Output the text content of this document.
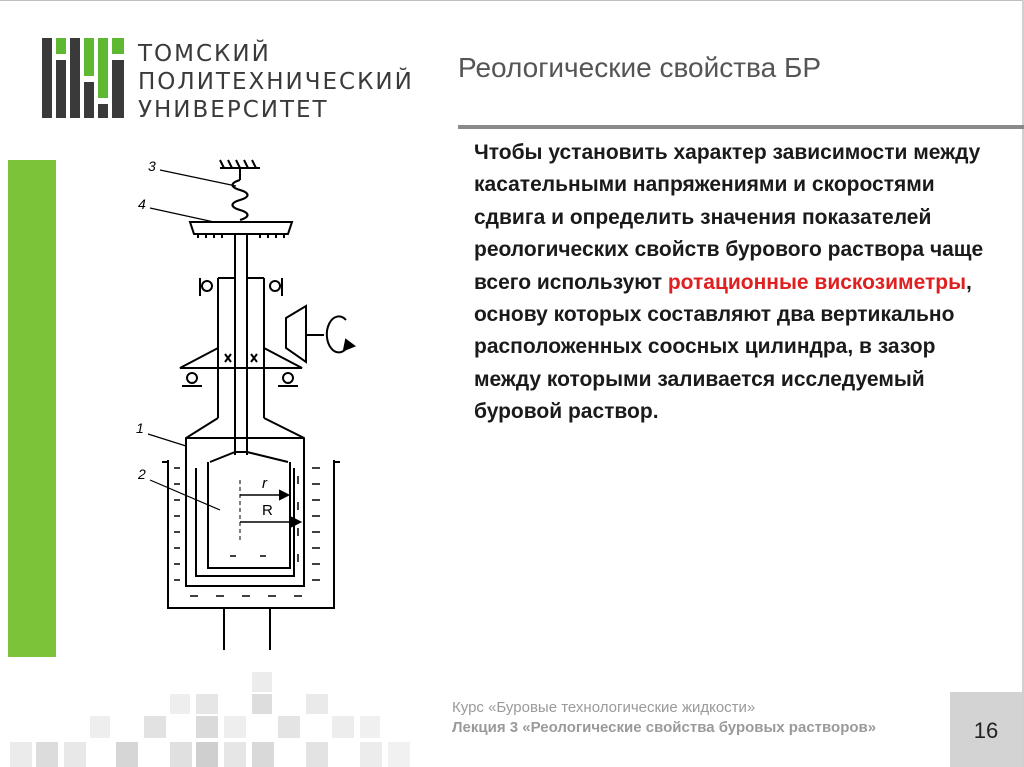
ТОМСКИЙ
ПОЛИТЕХНИЧЕСКИЙ
УНИВЕРСИТЕТ
Реологические свойства БР
3
4
1
2
r
R
Чтобы установить характер зависимости между касательными напряжениями и скоростями сдвига и определить значения показателей реологических свойств бурового раствора чаще всего используют ротационные вискозиметры, основу которых составляют два вертикально расположенных соосных цилиндра, в зазор между которыми заливается исследуемый буровой раствор.
Курс «Буровые технологические жидкости»
Лекция 3 «Реологические свойства буровых растворов»	16
